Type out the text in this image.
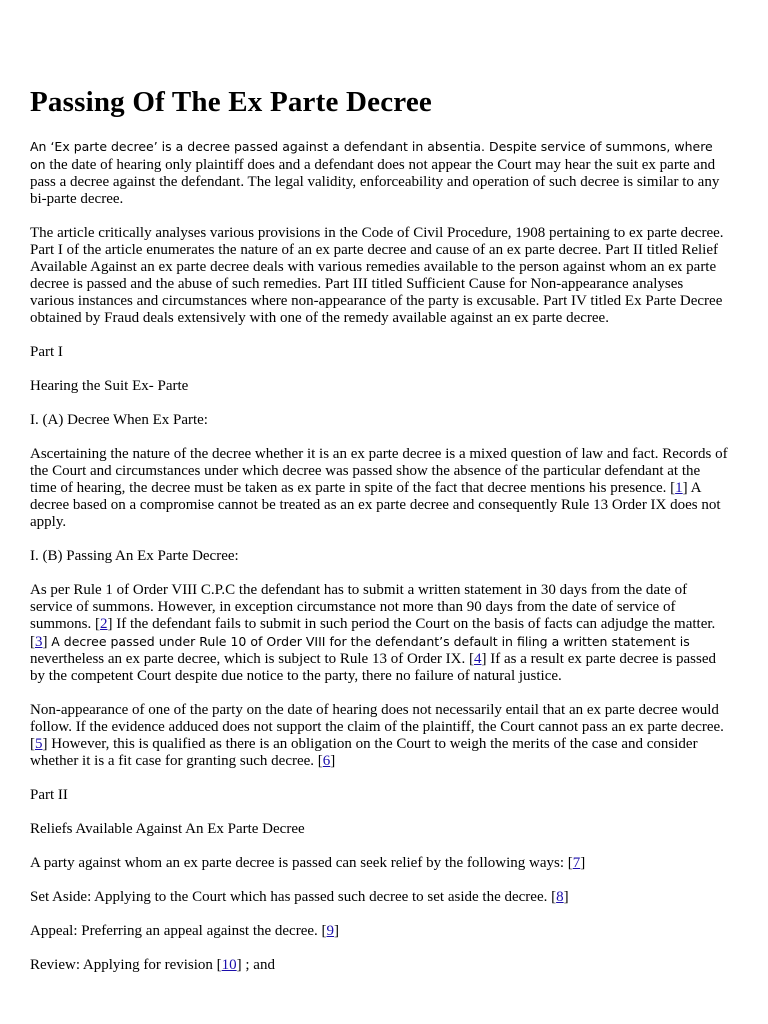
Passing Of The Ex Parte Decree

An ‘Ex parte decree’ is a decree passed against a defendant in absentia. Despite service of summons, where on the date of hearing only plaintiff does and a defendant does not appear the Court may hear the suit ex parte and pass a decree against the defendant. The legal validity, enforceability and operation of such decree is similar to any bi-parte decree.

The article critically analyses various provisions in the Code of Civil Procedure, 1908 pertaining to ex parte decree. Part I of the article enumerates the nature of an ex parte decree and cause of an ex parte decree. Part II titled Relief Available Against an ex parte decree deals with various remedies available to the person against whom an ex parte decree is passed and the abuse of such remedies. Part III titled Sufficient Cause for Non-appearance analyses various instances and circumstances where non-appearance of the party is excusable. Part IV titled Ex Parte Decree obtained by Fraud deals extensively with one of the remedy available against an ex parte decree.

Part I

Hearing the Suit Ex- Parte

I. (A) Decree When Ex Parte:

Ascertaining the nature of the decree whether it is an ex parte decree is a mixed question of law and fact. Records of the Court and circumstances under which decree was passed show the absence of the particular defendant at the time of hearing, the decree must be taken as ex parte in spite of the fact that decree mentions his presence. [1] A decree based on a compromise cannot be treated as an ex parte decree and consequently Rule 13 Order IX does not apply.

I. (B) Passing An Ex Parte Decree:

As per Rule 1 of Order VIII C.P.C the defendant has to submit a written statement in 30 days from the date of service of summons. However, in exception circumstance not more than 90 days from the date of service of summons. [2] If the defendant fails to submit in such period the Court on the basis of facts can adjudge the matter. [3] A decree passed under Rule 10 of Order VIII for the defendant’s default in filing a written statement is nevertheless an ex parte decree, which is subject to Rule 13 of Order IX. [4] If as a result ex parte decree is passed by the competent Court despite due notice to the party, there no failure of natural justice.

Non-appearance of one of the party on the date of hearing does not necessarily entail that an ex parte decree would follow. If the evidence adduced does not support the claim of the plaintiff, the Court cannot pass an ex parte decree. [5] However, this is qualified as there is an obligation on the Court to weigh the merits of the case and consider whether it is a fit case for granting such decree. [6]

Part II

Reliefs Available Against An Ex Parte Decree

A party against whom an ex parte decree is passed can seek relief by the following ways: [7]

Set Aside: Applying to the Court which has passed such decree to set aside the decree. [8]

Appeal: Preferring an appeal against the decree. [9]

Review: Applying for revision [10] ; and
